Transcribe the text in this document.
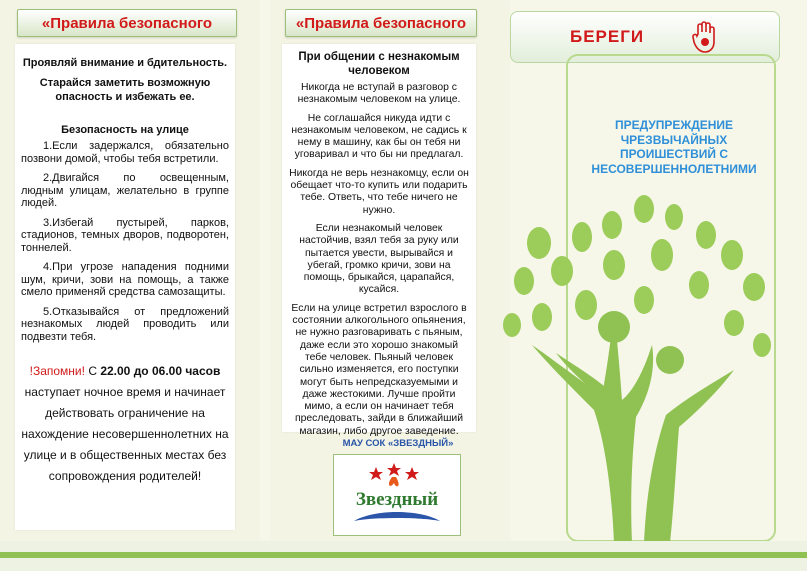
«Правила безопасного	«Правила безопасного
Проявляй внимание и бдительность.
Старайся заметить возможную опасность и избежать ее.
Безопасность на улице
1.Если задержался, обязательно позвони домой, чтобы тебя встретили.
2.Двигайся по освещенным, людным улицам, желательно в группе людей.
3.Избегай пустырей, парков, стадионов, темных дворов, подворотен, тоннелей.
4.При угрозе нападения подними шум, кричи, зови на помощь, а также смело применяй средства самозащиты.
5.Отказывайся от предложений незнакомых людей проводить или подвезти тебя.
!Запомни! С 22.00 до 06.00 часов наступает ночное время и начинает действовать ограничение на нахождение несовершеннолетних на улице и в общественных местах без сопровождения родителей!
При общении с незнакомым человеком
Никогда не вступай в разговор с незнакомым человеком на улице.
Не соглашайся никуда идти с незнакомым человеком, не садись к нему в машину, как бы он тебя ни уговаривал и что бы ни предлагал.
Никогда не верь незнакомцу, если он обещает что-то купить или подарить тебе. Ответь, что тебе ничего не нужно.
Если незнакомый человек настойчив, взял тебя за руку или пытается увести, вырывайся и убегай, громко кричи, зови на помощь, брыкайся, царапайся, кусайся.
Если на улице встретил взрослого в состоянии алкогольного опьянения, не нужно разговаривать с пьяным, даже если это хорошо знакомый тебе человек. Пьяный человек сильно изменяется, его поступки могут быть непредсказуемыми и даже жестокими. Лучше пройти мимо, а если он начинает тебя преследовать, зайди в ближайший магазин, либо другое заведение.
МАУ СОК «ЗВЕЗДНЫЙ»
Звездный
БЕРЕГИ
ПРЕДУПРЕЖДЕНИЕ ЧРЕЗВЫЧАЙНЫХ ПРОИШЕСТВИЙ С НЕСОВЕРШЕННОЛЕТНИМИ
